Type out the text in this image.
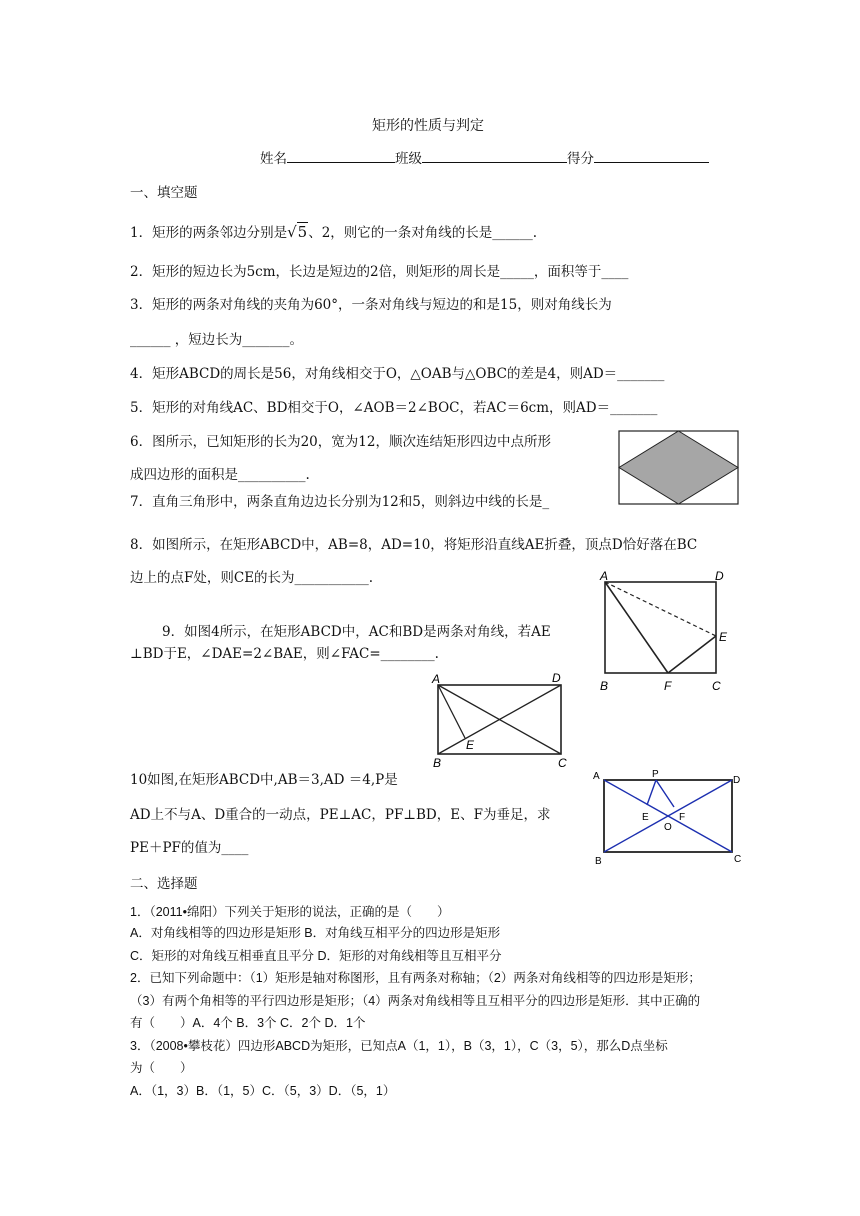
矩形的性质与判定
姓名	班级	得分
一、填空题
1．矩形的两条邻边分别是√5、2，则它的一条对角线的长是______.
2．矩形的短边长为5cm，长边是短边的2倍，则矩形的周长是_____，面积等于____
3．矩形的两条对角线的夹角为60°，一条对角线与短边的和是15，则对角线长为
______ ，短边长为_______。
4．矩形ABCD的周长是56，对角线相交于O，△OAB与△OBC的差是4，则AD＝_______
5．矩形的对角线AC、BD相交于O，∠AOB＝2∠BOC，若AC＝6cm，则AD＝_______
6．图所示，已知矩形的长为20，宽为12，顺次连结矩形四边中点所形
成四边形的面积是__________.
7．直角三角形中，两条直角边边长分别为12和5，则斜边中线的长是_
8．如图所示，在矩形ABCD中，AB=8，AD=10，将矩形沿直线AE折叠，顶点D恰好落在BC
边上的点F处，则CE的长为___________.	A	D
E
B	F	C
9．如图4所示，在矩形ABCD中，AC和BD是两条对角线，若AE
⊥BD于E，∠DAE=2∠BAE，则∠FAC=________.
A	D
E
B	C
10如图,在矩形ABCD中,AB＝3,AD ＝4,P是
AD上不与A、D重合的一动点，PE⊥AC，PF⊥BD，E、F为垂足，求
PE＋PF的值为____
A	P
D
E	F
O
B	C
二、选择题
1．（2011•绵阳）下列关于矩形的说法，正确的是（　　）
A．对角线相等的四边形是矩形 B．对角线互相平分的四边形是矩形
C．矩形的对角线互相垂直且平分 D．矩形的对角线相等且互相平分
2．已知下列命题中：（1）矩形是轴对称图形，且有两条对称轴；（2）两条对角线相等的四边形是矩形；
（3）有两个角相等的平行四边形是矩形；（4）两条对角线相等且互相平分的四边形是矩形．其中正确的
有（　　）A．4个 B．3个 C．2个 D．1个
3．（2008•攀枝花）四边形ABCD为矩形，已知点A（1，1），B（3，1），C（3，5），那么D点坐标
为（　　）
A．（1，3）B．（1，5）C．（5，3）D．（5，1）
